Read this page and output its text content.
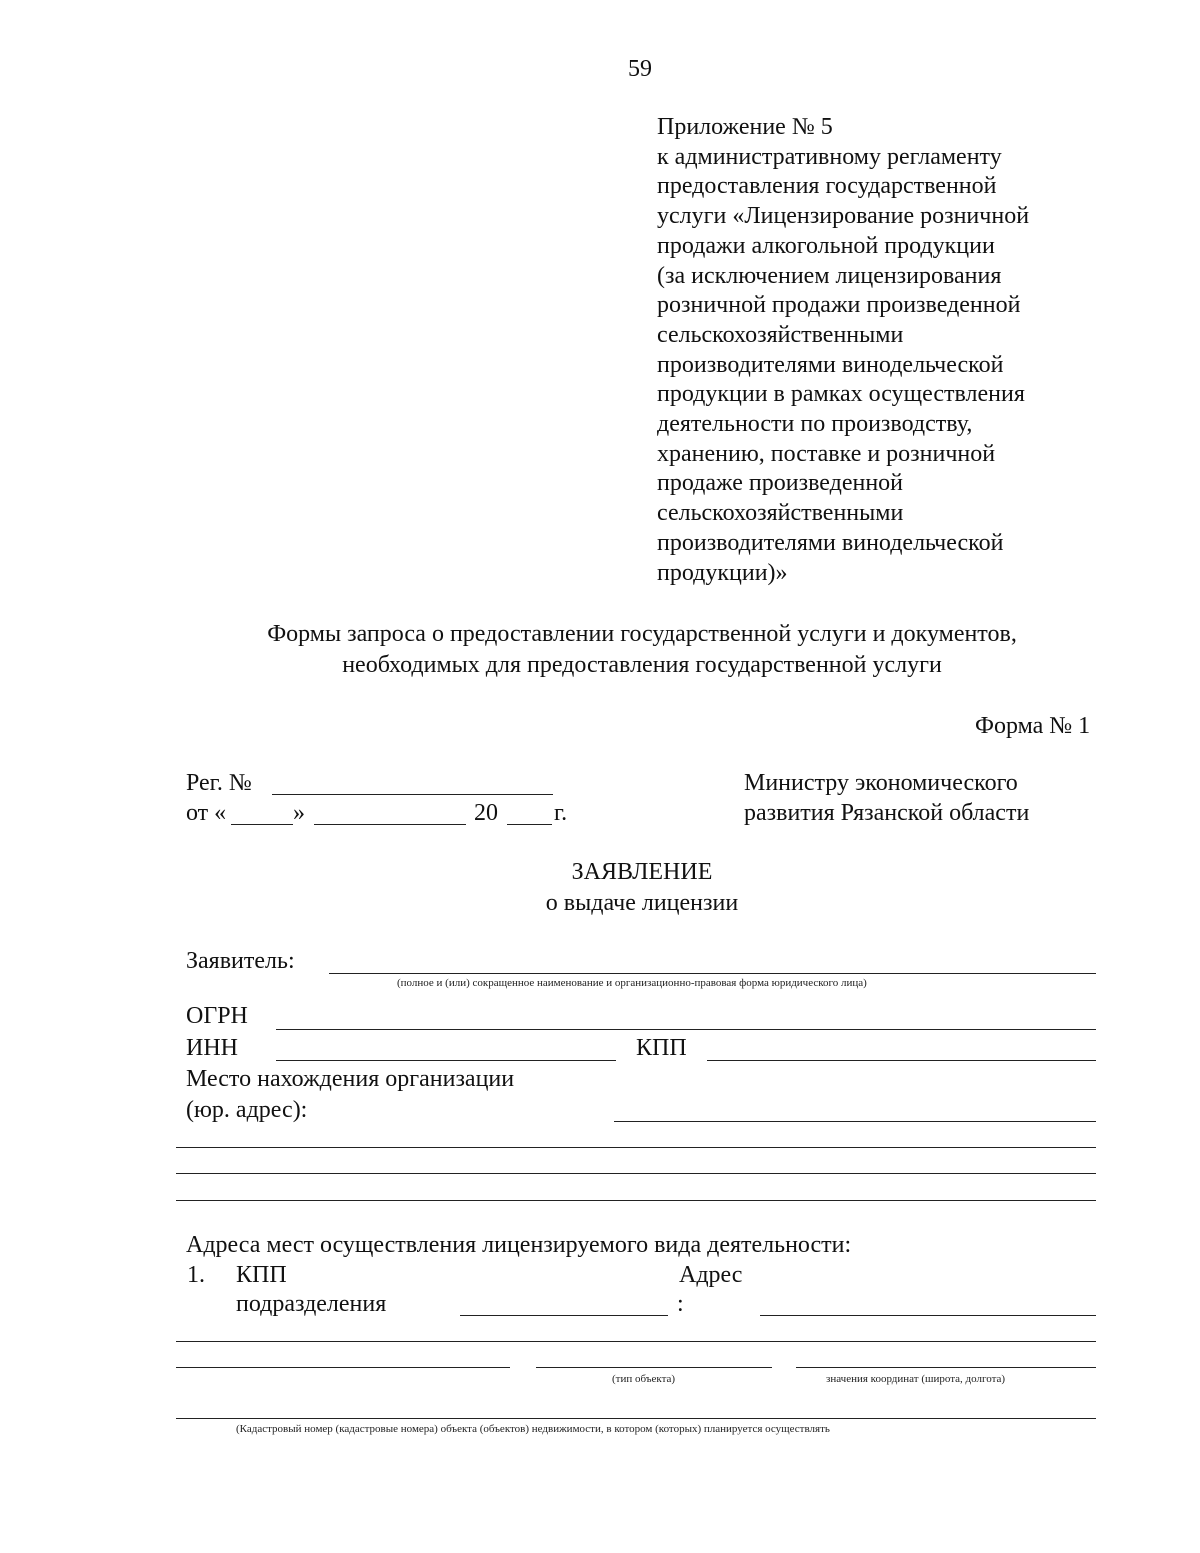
59
Приложение № 5
к административному регламенту
предоставления государственной
услуги «Лицензирование розничной
продажи алкогольной продукции
(за исключением лицензирования
розничной продажи произведенной
сельскохозяйственными
производителями винодельческой
продукции в рамках осуществления
деятельности по производству,
хранению, поставке и розничной
продаже произведенной
сельскохозяйственными
производителями винодельческой
продукции)»
Формы запроса о предоставлении государственной услуги и документов,
необходимых для предоставления государственной услуги
Форма № 1
Рег. №
от «	»	20 г.
Министру экономического
развития Рязанской области
ЗАЯВЛЕНИЕ
о выдаче лицензии
Заявитель:
(полное и (или) сокращенное наименование и организационно-правовая форма юридического лица)
ОГРН
ИНН	КПП
Место нахождения организации
(юр. адрес):
Адреса мест осуществления лицензируемого вида деятельности:
1. КПП
подразделения
Адрес
:
(тип объекта)	значения координат (широта, долгота)
(Кадастровый номер (кадастровые номера) объекта (объектов) недвижимости, в котором (которых) планируется осуществлять
